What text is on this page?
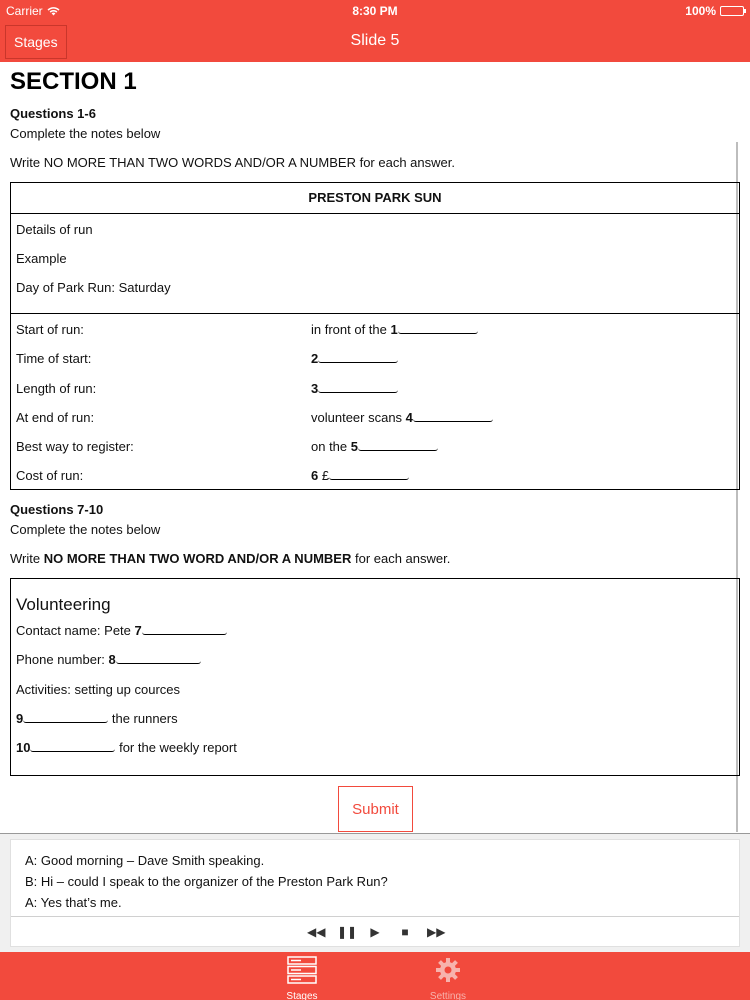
Carrier	8:30 PM	100%
Stages	Slide 5
SECTION 1
Questions 1-6
Complete the notes below
Write NO MORE THAN TWO WORDS AND/OR A NUMBER for each answer.
PRESTON PARK SUN
Details of run
Example
Day of Park Run: Saturday
Start of run:	in front of the 1
Time of start:	2
Length of run:	3
At end of run:	volunteer scans 4
Best way to register:	on the 5
Cost of run:	6 £
Questions 7-10
Complete the notes below
Write NO MORE THAN TWO WORD AND/OR A NUMBER for each answer.
Volunteering
Contact name: Pete 7
Phone number: 8
Activities: setting up cources
9	the runners
10	for the weekly report
Submit
A: Good morning – Dave Smith speaking.
B: Hi – could I speak to the organizer of the Preston Park Run?
A: Yes that’s me.
◀◀ ❚❚ ▶	■	▶▶
Stages	Settings
